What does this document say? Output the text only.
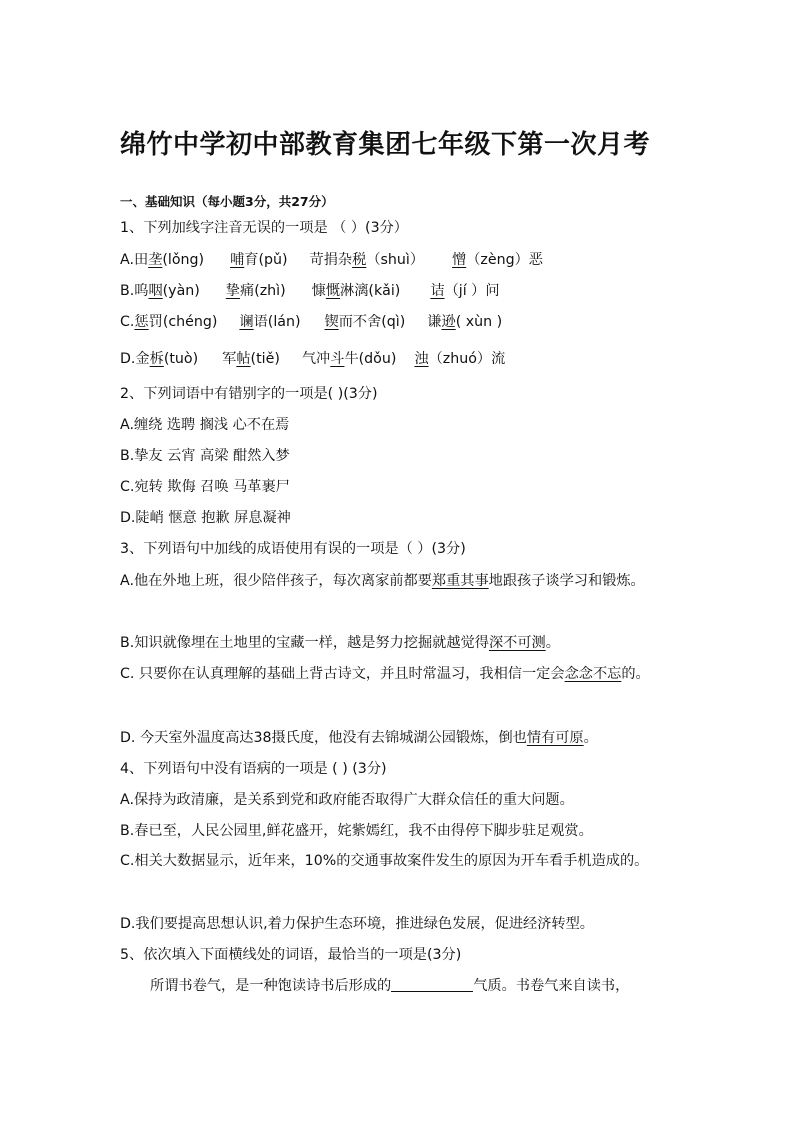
绵竹中学初中部教育集团七年级下第一次月考
一、基础知识（每小题3分，共27分）
1、下列加线字注音无误的一项是 （ ）(3分）
A.田垄(lǒng) 哺育(pǔ) 苛捐杂税（shuì） 憎（zèng）恶
B.呜咽(yàn) 挚痛(zhì) 慷慨淋漓(kǎi) 诘（jí ）问
C.惩罚(chéng) 谰语(lán) 锲而不舍(qì) 谦逊( xùn )
D.金柝(tuò) 军帖(tiě) 气冲斗牛(dǒu) 浊（zhuó）流
2、下列词语中有错别字的一项是( )(3分)
A.缠绕 选聘 搁浅 心不在焉
B.挚友 云宵 高梁 酣然入梦
C.宛转 欺侮 召唤 马革裹尸
D.陡峭 惬意 抱歉 屏息凝神
3、下列语句中加线的成语使用有误的一项是（ ）(3分)
A.他在外地上班，很少陪伴孩子，每次离家前都要郑重其事地跟孩子谈学习和锻炼。
B.知识就像埋在土地里的宝藏一样，越是努力挖掘就越觉得深不可测。
C. 只要你在认真理解的基础上背古诗文，并且时常温习，我相信一定会念念不忘的。
D. 今天室外温度高达38摄氏度，他没有去锦城湖公园锻炼，倒也情有可原。
4、下列语句中没有语病的一项是 ( ) (3分)
A.保持为政清廉，是关系到党和政府能否取得广大群众信任的重大问题。
B.春已至，人民公园里,鲜花盛开，姹紫嫣红，我不由得停下脚步驻足观赏。
C.相关大数据显示，近年来，10%的交通事故案件发生的原因为开车看手机造成的。
D.我们要提高思想认识,着力保护生态环境，推进绿色发展，促进经济转型。
5、依次填入下面横线处的词语，最恰当的一项是(3分)
所谓书卷气，是一种饱读诗书后形成的	气质。书卷气来自读书，
